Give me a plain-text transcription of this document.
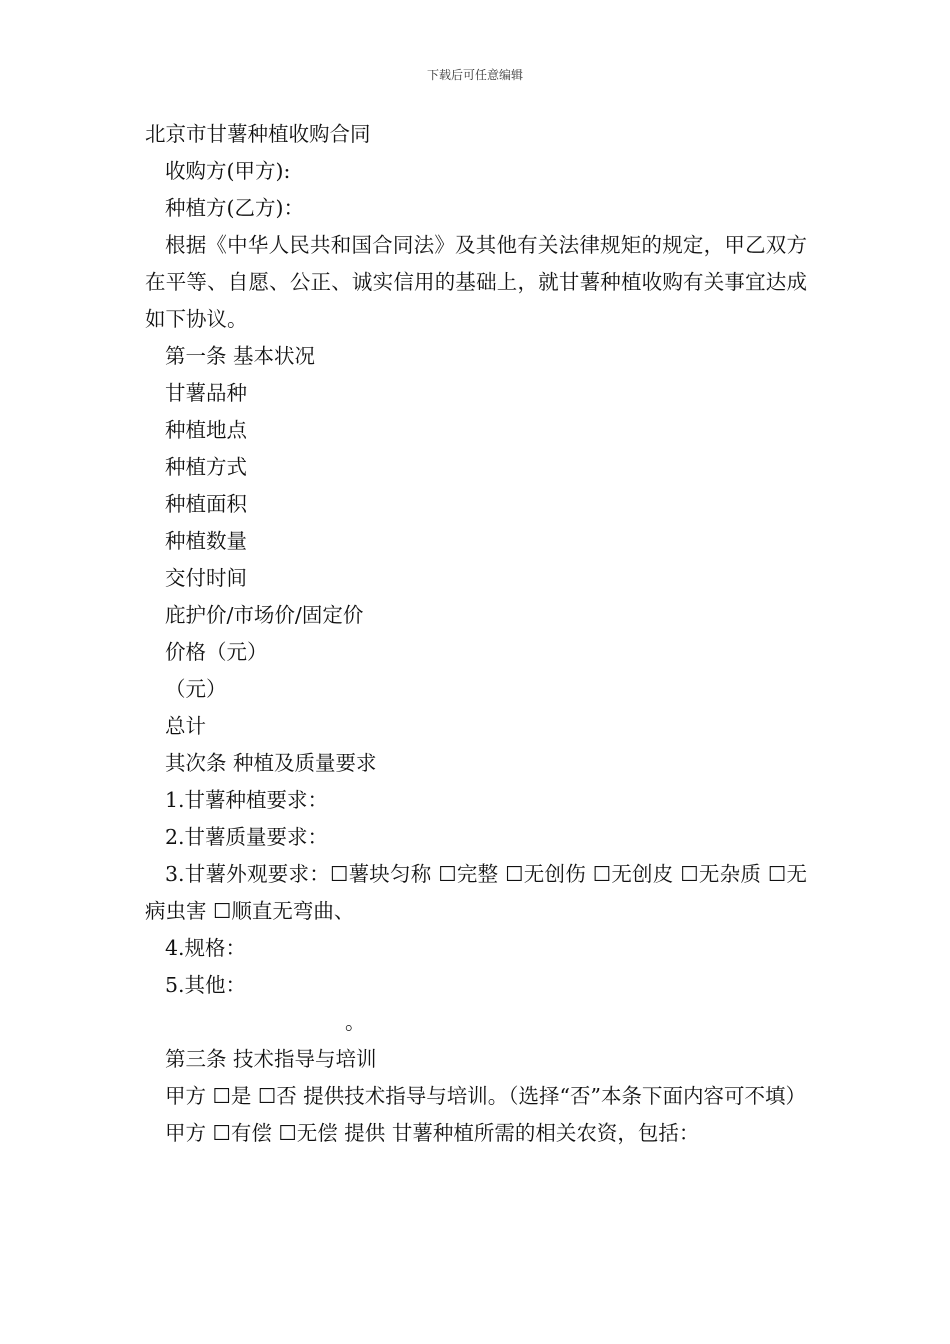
下载后可任意编辑

北京市甘薯种植收购合同

收购方(甲方):

种植方(乙方)：

根据《中华人民共和国合同法》及其他有关法律规矩的规定，甲乙双方在平等、自愿、公正、诚实信用的基础上，就甘薯种植收购有关事宜达成如下协议。

第一条 基本状况

甘薯品种

种植地点

种植方式

种植面积

种植数量

交付时间

庇护价/市场价/固定价

价格（元）

（元）

总计

其次条 种植及质量要求

1.甘薯种植要求：

2.甘薯质量要求：

3.甘薯外观要求：☐薯块匀称 ☐完整 ☐无创伤 ☐无创皮 ☐无杂质 ☐无病虫害 ☐顺直无弯曲、

4.规格：

5.其他：

。

第三条 技术指导与培训

甲方 ☐是 ☐否 提供技术指导与培训。（选择“否”本条下面内容可不填）

甲方 ☐有偿 ☐无偿 提供 甘薯种植所需的相关农资，包括：
